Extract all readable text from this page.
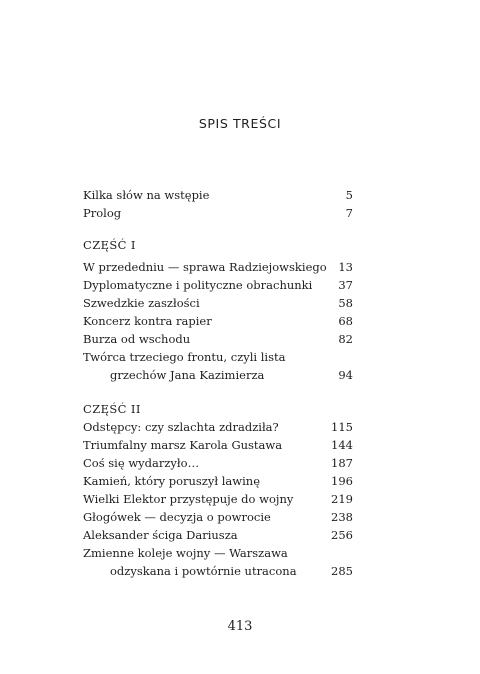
SPIS TREŚCI
Kilka słów na wstępie	5
Prolog	7
CZĘŚĆ I
W przededniu — sprawa Radziejowskiego	13
Dyplomatyczne i polityczne obrachunki	37
Szwedzkie zaszłości	58
Koncerz kontra rapier	68
Burza od wschodu	82
Twórca trzeciego frontu, czyli lista
grzechów Jana Kazimierza	94
CZĘŚĆ II
Odstępcy: czy szlachta zdradziła?	115
Triumfalny marsz Karola Gustawa	144
Coś się wydarzyło…	187
Kamień, który poruszył lawinę	196
Wielki Elektor przystępuje do wojny	219
Głogówek — decyzja o powrocie	238
Aleksander ściga Dariusza	256
Zmienne koleje wojny — Warszawa
odzyskana i powtórnie utracona	285
413
